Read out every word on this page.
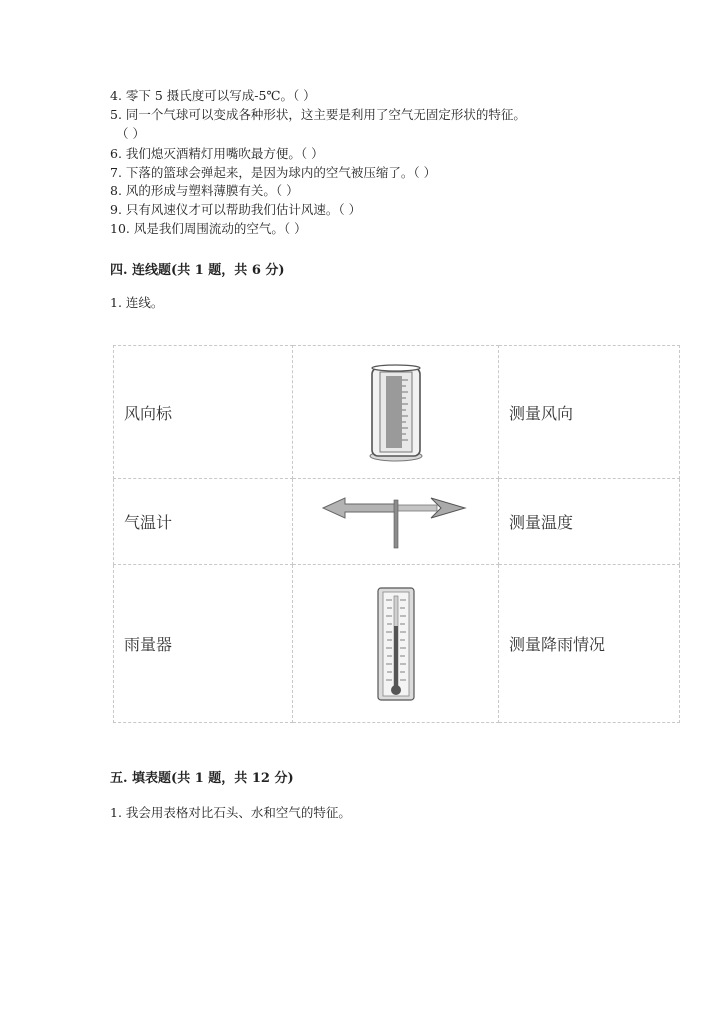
4. 零下 5 摄氏度可以写成-5℃。（ ）
5. 同一个气球可以变成各种形状，这主要是利用了空气无固定形状的特征。
（ ）
6. 我们熄灭酒精灯用嘴吹最方便。（ ）
7. 下落的篮球会弹起来，是因为球内的空气被压缩了。（ ）
8. 风的形成与塑料薄膜有关。（ ）
9. 只有风速仪才可以帮助我们估计风速。（ ）
10. 风是我们周围流动的空气。（ ）
四. 连线题(共 1 题，共 6 分)
1. 连线。
风向标		测量风向

气温计		测量温度

雨量器		测量降雨情况
五. 填表题(共 1 题，共 12 分)
1. 我会用表格对比石头、水和空气的特征。
